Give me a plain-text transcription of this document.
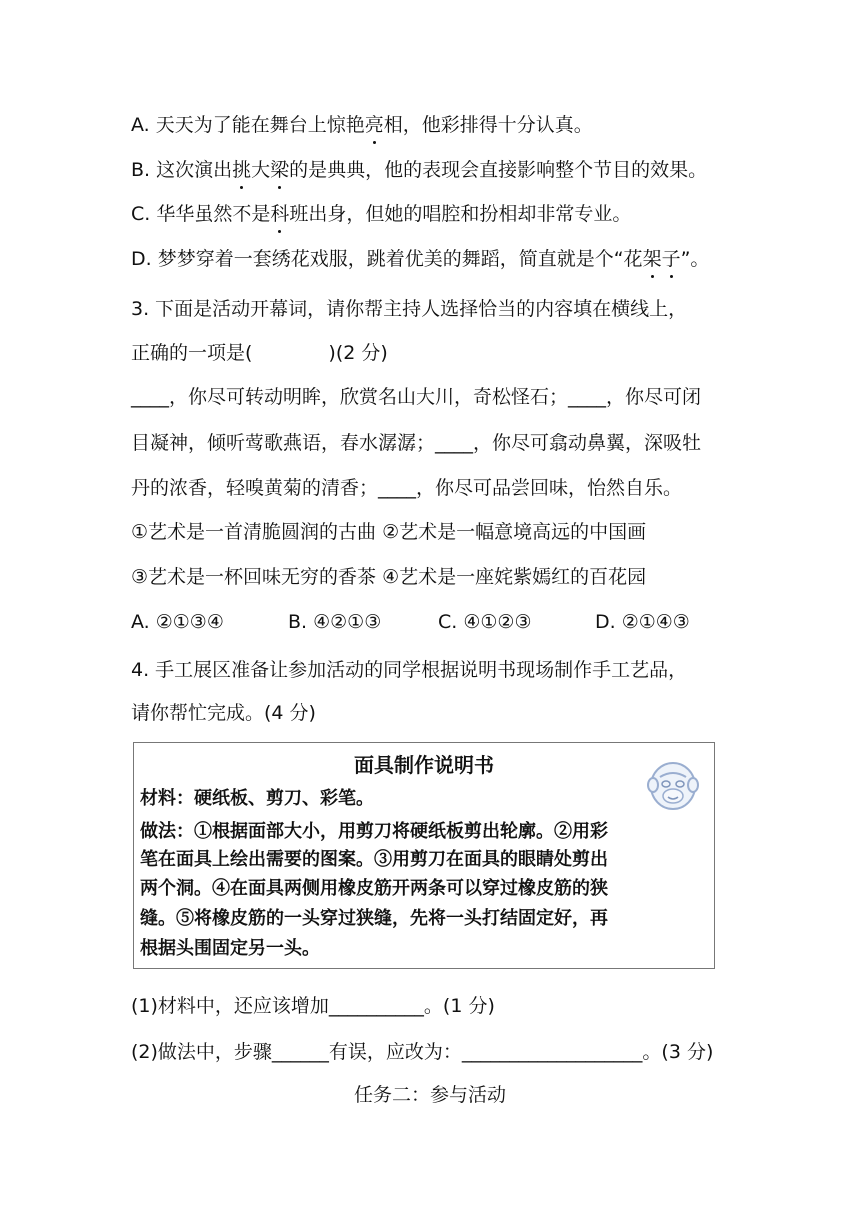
A. 天天为了能在舞台上惊艳亮相，他彩排得十分认真。
B. 这次演出挑大梁的是典典，他的表现会直接影响整个节目的效果。
C. 华华虽然不是科班出身，但她的唱腔和扮相却非常专业。
D. 梦梦穿着一套绣花戏服，跳着优美的舞蹈，简直就是个“花架子”。
3. 下面是活动开幕词，请你帮主持人选择恰当的内容填在横线上，
正确的一项是(　　　　)(2 分)
____，你尽可转动明眸，欣赏名山大川，奇松怪石；____，你尽可闭
目凝神，倾听莺歌燕语，春水潺潺；____，你尽可翕动鼻翼，深吸牡
丹的浓香，轻嗅黄菊的清香；____，你尽可品尝回味，怡然自乐。
①艺术是一首清脆圆润的古曲 ②艺术是一幅意境高远的中国画
③艺术是一杯回味无穷的香茶 ④艺术是一座姹紫嫣红的百花园
A. ②①③④	B. ④②①③	C. ④①②③	D. ②①④③
4. 手工展区准备让参加活动的同学根据说明书现场制作手工艺品，
请你帮忙完成。(4 分)
面具制作说明书
材料：硬纸板、剪刀、彩笔。
做法：①根据面部大小，用剪刀将硬纸板剪出轮廓。②用彩
笔在面具上绘出需要的图案。③用剪刀在面具的眼睛处剪出
两个洞。④在面具两侧用橡皮筋开两条可以穿过橡皮筋的狭
缝。⑤将橡皮筋的一头穿过狭缝，先将一头打结固定好，再
根据头围固定另一头。
(1)材料中，还应该增加__________。(1 分)
(2)做法中，步骤______有误，应改为：___________________。(3 分)
任务二：参与活动
